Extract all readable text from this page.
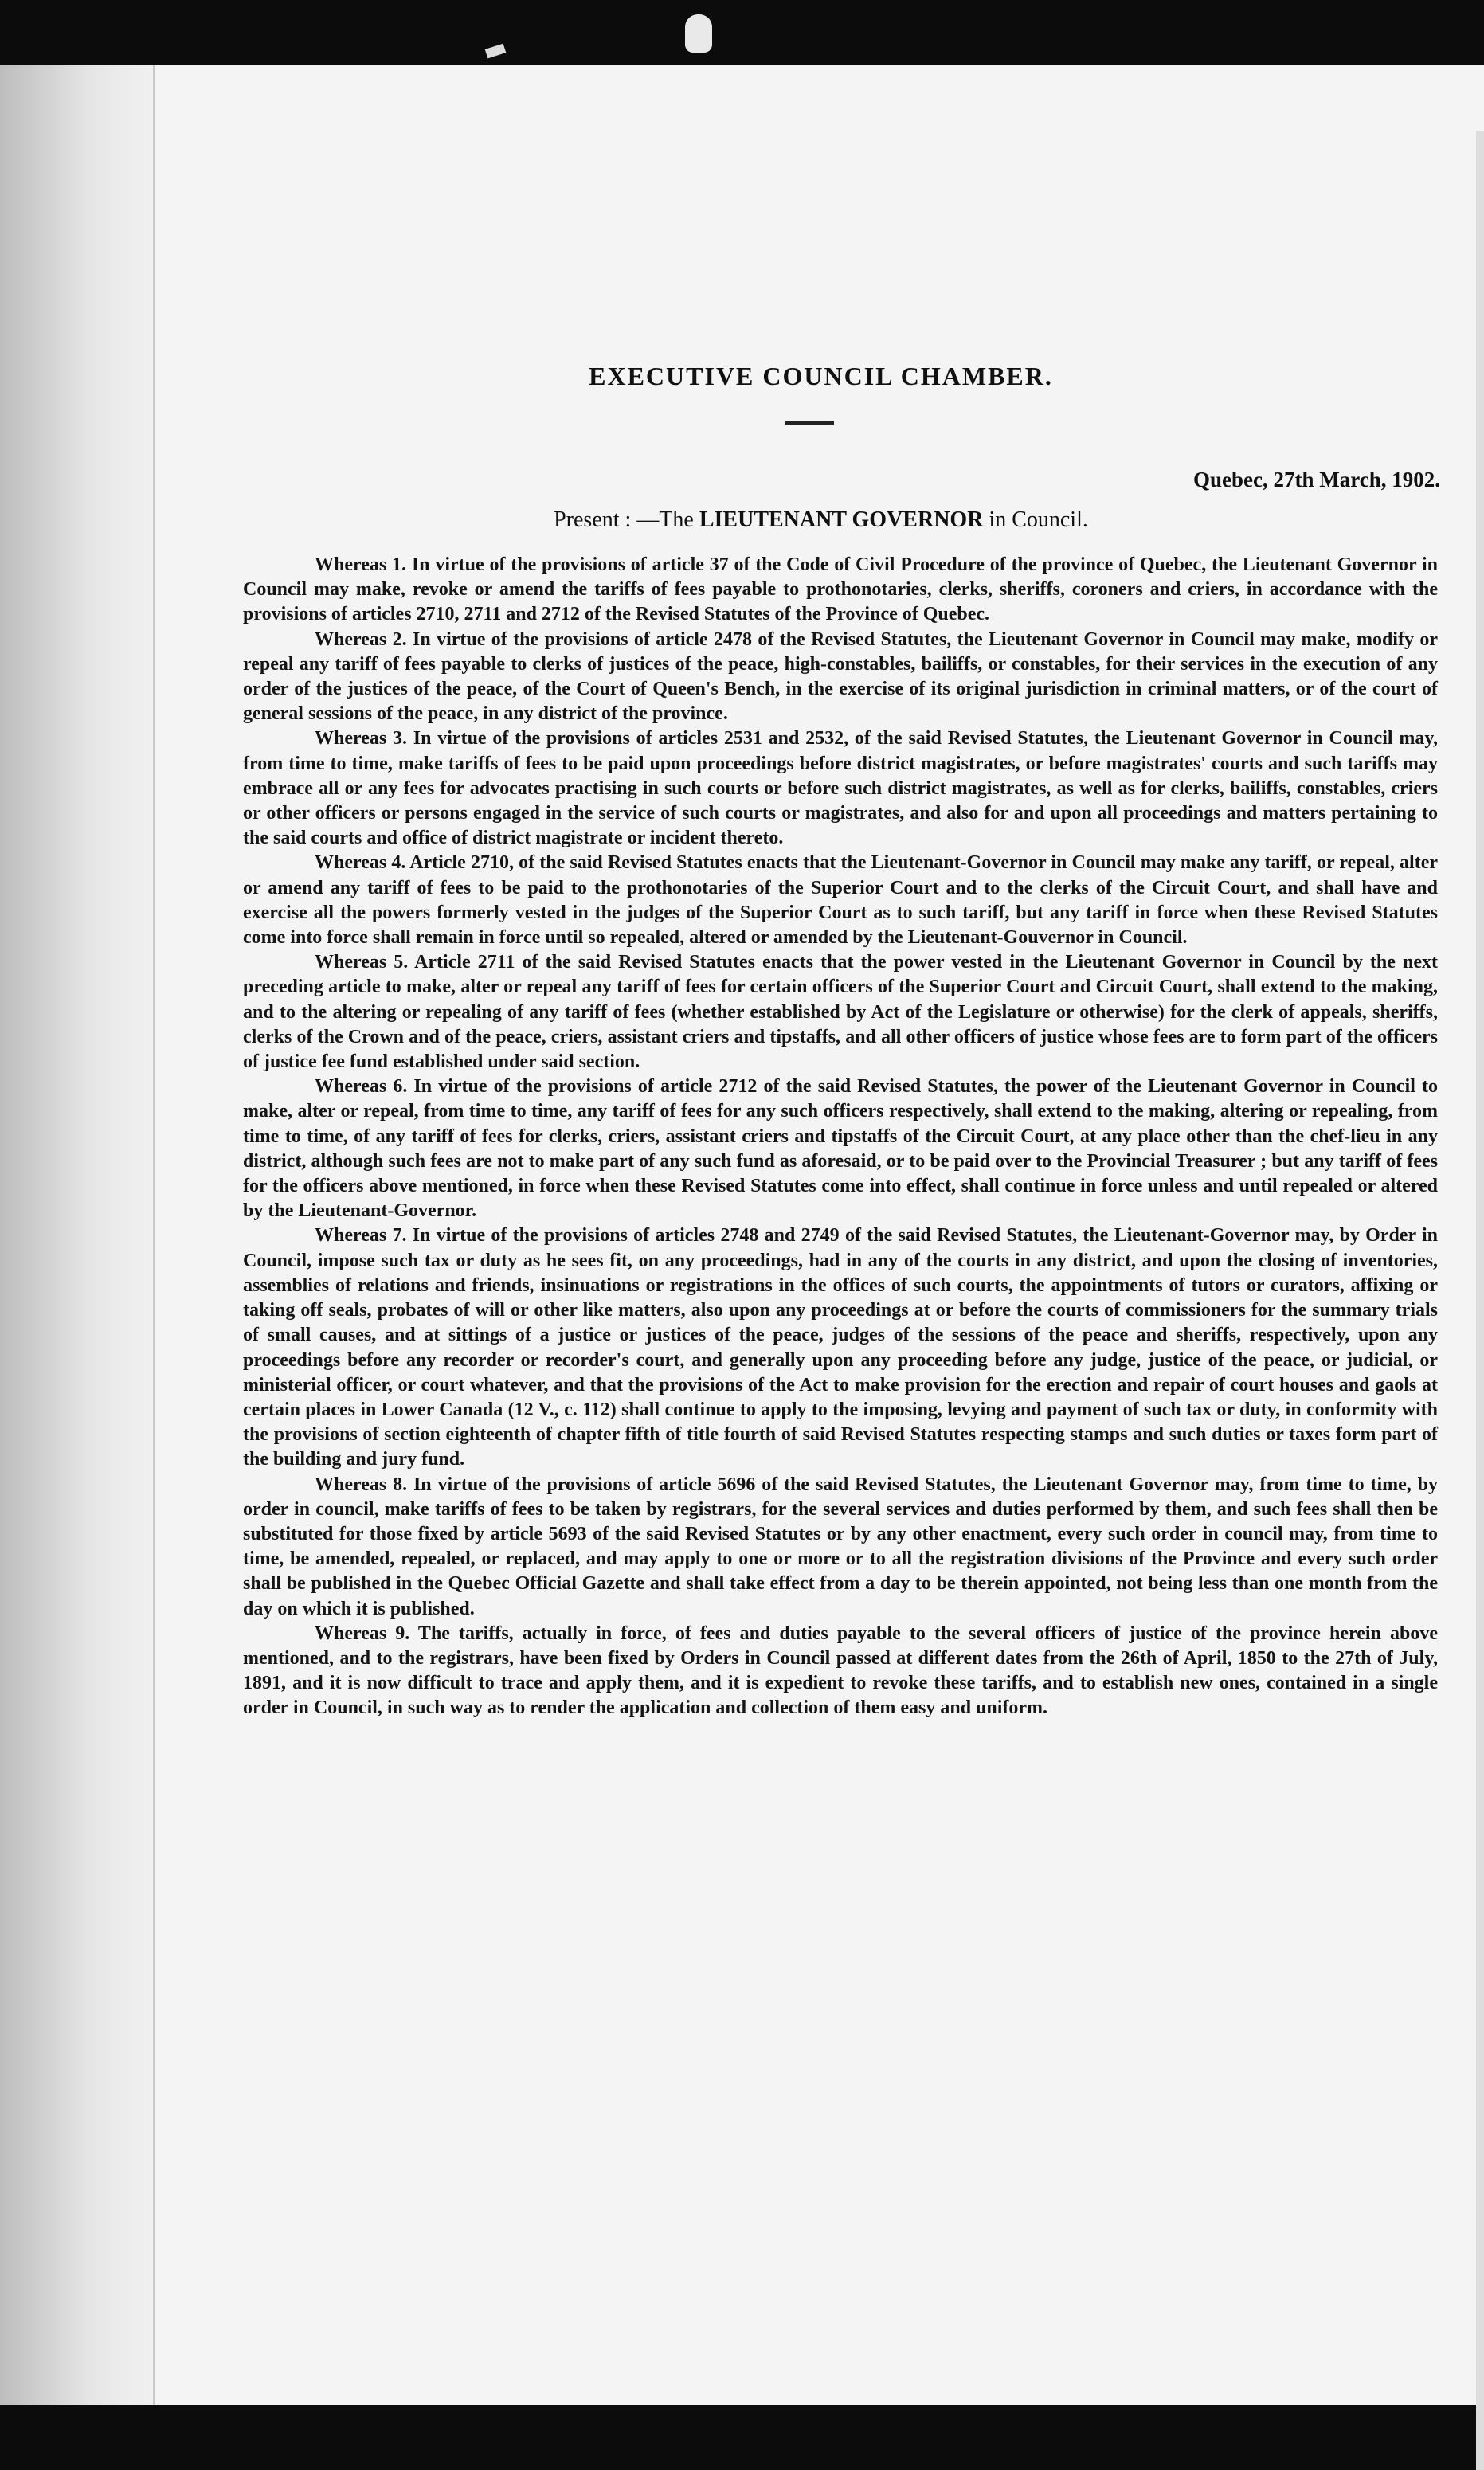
EXECUTIVE COUNCIL CHAMBER.
Quebec, 27th March, 1902.
Present : —The LIEUTENANT GOVERNOR in Council.

Whereas 1. In virtue of the provisions of article 37 of the Code of Civil Procedure of the province of Quebec, the Lieutenant Governor in Council may make, revoke or amend the tariffs of fees payable to prothonotaries, clerks, sheriffs, coroners and criers, in accordance with the provisions of articles 2710, 2711 and 2712 of the Revised Statutes of the Province of Quebec.

Whereas 2. In virtue of the provisions of article 2478 of the Revised Statutes, the Lieutenant Governor in Council may make, modify or repeal any tariff of fees payable to clerks of justices of the peace, high-constables, bailiffs, or constables, for their services in the execution of any order of the justices of the peace, of the Court of Queen's Bench, in the exercise of its original jurisdiction in criminal matters, or of the court of general sessions of the peace, in any district of the province.

Whereas 3. In virtue of the provisions of articles 2531 and 2532, of the said Revised Statutes, the Lieutenant Governor in Council may, from time to time, make tariffs of fees to be paid upon proceedings before district magistrates, or before magistrates' courts and such tariffs may embrace all or any fees for advocates practising in such courts or before such district magistrates, as well as for clerks, bailiffs, constables, criers or other officers or persons engaged in the service of such courts or magistrates, and also for and upon all proceedings and matters pertaining to the said courts and office of district magistrate or incident thereto.

Whereas 4. Article 2710, of the said Revised Statutes enacts that the Lieutenant-Governor in Council may make any tariff, or repeal, alter or amend any tariff of fees to be paid to the prothonotaries of the Superior Court and to the clerks of the Circuit Court, and shall have and exercise all the powers formerly vested in the judges of the Superior Court as to such tariff, but any tariff in force when these Revised Statutes come into force shall remain in force until so repealed, altered or amended by the Lieutenant-Gouvernor in Council.

Whereas 5. Article 2711 of the said Revised Statutes enacts that the power vested in the Lieutenant Governor in Council by the next preceding article to make, alter or repeal any tariff of fees for certain officers of the Superior Court and Circuit Court, shall extend to the making, and to the altering or repealing of any tariff of fees (whether established by Act of the Legislature or otherwise) for the clerk of appeals, sheriffs, clerks of the Crown and of the peace, criers, assistant criers and tipstaffs, and all other officers of justice whose fees are to form part of the officers of justice fee fund established under said section.

Whereas 6. In virtue of the provisions of article 2712 of the said Revised Statutes, the power of the Lieutenant Governor in Council to make, alter or repeal, from time to time, any tariff of fees for any such officers respectively, shall extend to the making, altering or repealing, from time to time, of any tariff of fees for clerks, criers, assistant criers and tipstaffs of the Circuit Court, at any place other than the chef-lieu in any district, although such fees are not to make part of any such fund as aforesaid, or to be paid over to the Provincial Treasurer ; but any tariff of fees for the officers above mentioned, in force when these Revised Statutes come into effect, shall continue in force unless and until repealed or altered by the Lieutenant-Governor.

Whereas 7. In virtue of the provisions of articles 2748 and 2749 of the said Revised Statutes, the Lieutenant-Governor may, by Order in Council, impose such tax or duty as he sees fit, on any proceedings, had in any of the courts in any district, and upon the closing of inventories, assemblies of relations and friends, insinuations or registrations in the offices of such courts, the appointments of tutors or curators, affixing or taking off seals, probates of will or other like matters, also upon any proceedings at or before the courts of commissioners for the summary trials of small causes, and at sittings of a justice or justices of the peace, judges of the sessions of the peace and sheriffs, respectively, upon any proceedings before any recorder or recorder's court, and generally upon any proceeding before any judge, justice of the peace, or judicial, or ministerial officer, or court whatever, and that the provisions of the Act to make provision for the erection and repair of court houses and gaols at certain places in Lower Canada (12 V., c. 112) shall continue to apply to the imposing, levying and payment of such tax or duty, in conformity with the provisions of section eighteenth of chapter fifth of title fourth of said Revised Statutes respecting stamps and such duties or taxes form part of the building and jury fund.

Whereas 8. In virtue of the provisions of article 5696 of the said Revised Statutes, the Lieutenant Governor may, from time to time, by order in council, make tariffs of fees to be taken by registrars, for the several services and duties performed by them, and such fees shall then be substituted for those fixed by article 5693 of the said Revised Statutes or by any other enactment, every such order in council may, from time to time, be amended, repealed, or replaced, and may apply to one or more or to all the registration divisions of the Province and every such order shall be published in the Quebec Official Gazette and shall take effect from a day to be therein appointed, not being less than one month from the day on which it is published.

Whereas 9. The tariffs, actually in force, of fees and duties payable to the several officers of justice of the province herein above mentioned, and to the registrars, have been fixed by Orders in Council passed at different dates from the 26th of April, 1850 to the 27th of July, 1891, and it is now difficult to trace and apply them, and it is expedient to revoke these tariffs, and to establish new ones, contained in a single order in Council, in such way as to render the application and collection of them easy and uniform.
